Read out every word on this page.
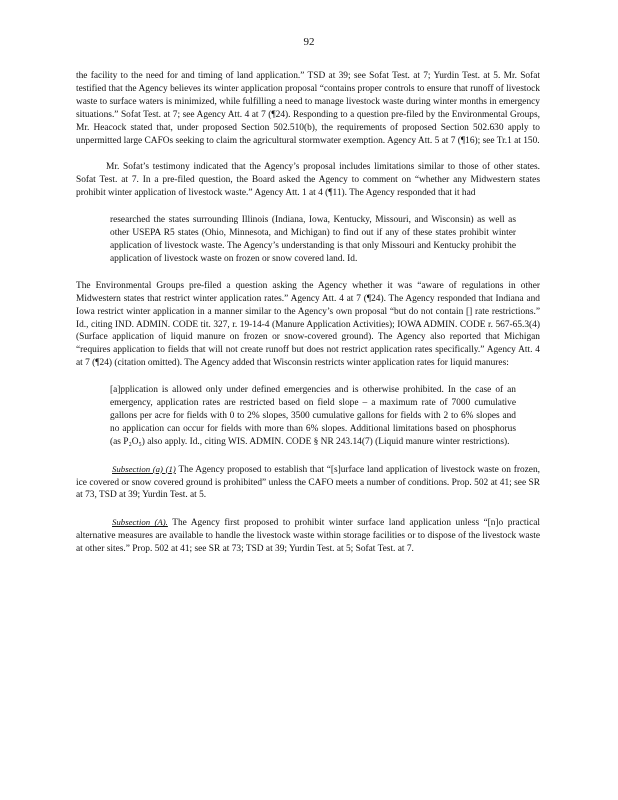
92

the facility to the need for and timing of land application.” TSD at 39; see Sofat Test. at 7; Yurdin Test. at 5. Mr. Sofat testified that the Agency believes its winter application proposal “contains proper controls to ensure that runoff of livestock waste to surface waters is minimized, while fulfilling a need to manage livestock waste during winter months in emergency situations.” Sofat Test. at 7; see Agency Att. 4 at 7 (¶24). Responding to a question pre-filed by the Environmental Groups, Mr. Heacock stated that, under proposed Section 502.510(b), the requirements of proposed Section 502.630 apply to unpermitted large CAFOs seeking to claim the agricultural stormwater exemption. Agency Att. 5 at 7 (¶16); see Tr.1 at 150.

Mr. Sofat’s testimony indicated that the Agency’s proposal includes limitations similar to those of other states. Sofat Test. at 7. In a pre-filed question, the Board asked the Agency to comment on “whether any Midwestern states prohibit winter application of livestock waste.” Agency Att. 1 at 4 (¶11). The Agency responded that it had

researched the states surrounding Illinois (Indiana, Iowa, Kentucky, Missouri, and Wisconsin) as well as other USEPA R5 states (Ohio, Minnesota, and Michigan) to find out if any of these states prohibit winter application of livestock waste. The Agency’s understanding is that only Missouri and Kentucky prohibit the application of livestock waste on frozen or snow covered land. Id.

The Environmental Groups pre-filed a question asking the Agency whether it was “aware of regulations in other Midwestern states that restrict winter application rates.” Agency Att. 4 at 7 (¶24). The Agency responded that Indiana and Iowa restrict winter application in a manner similar to the Agency’s own proposal “but do not contain [] rate restrictions.” Id., citing IND. ADMIN. CODE tit. 327, r. 19-14-4 (Manure Application Activities); IOWA ADMIN. CODE r. 567-65.3(4) (Surface application of liquid manure on frozen or snow-covered ground). The Agency also reported that Michigan “requires application to fields that will not create runoff but does not restrict application rates specifically.” Agency Att. 4 at 7 (¶24) (citation omitted). The Agency added that Wisconsin restricts winter application rates for liquid manures:

[a]pplication is allowed only under defined emergencies and is otherwise prohibited. In the case of an emergency, application rates are restricted based on field slope – a maximum rate of 7000 cumulative gallons per acre for fields with 0 to 2% slopes, 3500 cumulative gallons for fields with 2 to 6% slopes and no application can occur for fields with more than 6% slopes. Additional limitations based on phosphorus (as P₂O₅) also apply. Id., citing WIS. ADMIN. CODE § NR 243.14(7) (Liquid manure winter restrictions).

Subsection (a) (1) The Agency proposed to establish that “[s]urface land application of livestock waste on frozen, ice covered or snow covered ground is prohibited” unless the CAFO meets a number of conditions. Prop. 502 at 41; see SR at 73, TSD at 39; Yurdin Test. at 5.

Subsection (A). The Agency first proposed to prohibit winter surface land application unless “[n]o practical alternative measures are available to handle the livestock waste within storage facilities or to dispose of the livestock waste at other sites.” Prop. 502 at 41; see SR at 73; TSD at 39; Yurdin Test. at 5; Sofat Test. at 7.
